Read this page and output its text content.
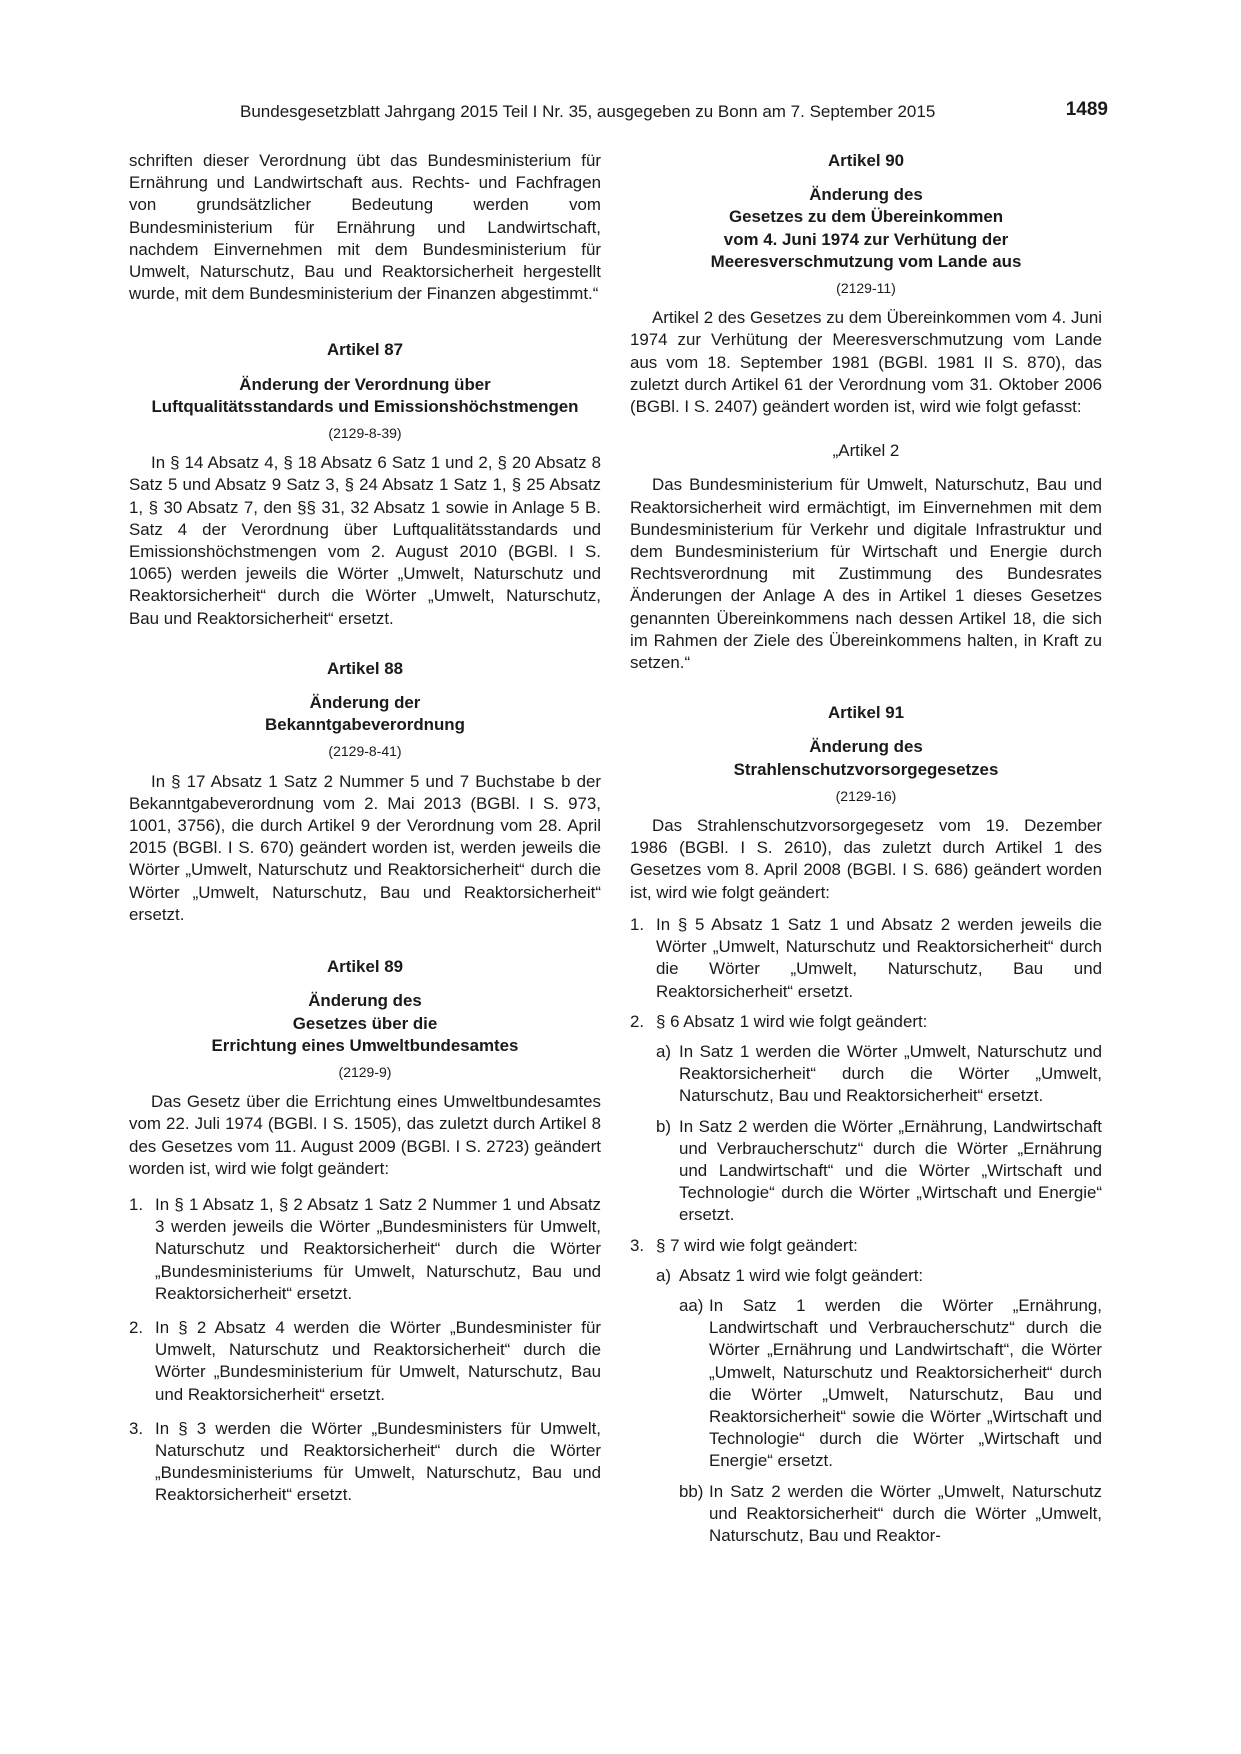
Bundesgesetzblatt Jahrgang 2015 Teil I Nr. 35, ausgegeben zu Bonn am 7. September 2015	1489

schriften dieser Verordnung übt das Bundesministerium für Ernährung und Landwirtschaft aus. Rechts- und Fachfragen von grundsätzlicher Bedeutung werden vom Bundesministerium für Ernährung und Landwirtschaft, nachdem Einvernehmen mit dem Bundesministerium für Umwelt, Naturschutz, Bau und Reaktorsicherheit hergestellt wurde, mit dem Bundesministerium der Finanzen abgestimmt.“

Artikel 87

Änderung der Verordnung über

Luftqualitätsstandards und Emissionshöchstmengen

(2129-8-39)

In § 14 Absatz 4, § 18 Absatz 6 Satz 1 und 2, § 20 Absatz 8 Satz 5 und Absatz 9 Satz 3, § 24 Absatz 1 Satz 1, § 25 Absatz 1, § 30 Absatz 7, den §§ 31, 32 Absatz 1 sowie in Anlage 5 B. Satz 4 der Verordnung über Luftqualitätsstandards und Emissionshöchstmengen vom 2. August 2010 (BGBl. I S. 1065) werden jeweils die Wörter „Umwelt, Naturschutz und Reaktorsicherheit“ durch die Wörter „Umwelt, Naturschutz, Bau und Reaktorsicherheit“ ersetzt.

Artikel 88

Änderung der

Bekanntgabeverordnung

(2129-8-41)

In § 17 Absatz 1 Satz 2 Nummer 5 und 7 Buchstabe b der Bekanntgabeverordnung vom 2. Mai 2013 (BGBl. I S. 973, 1001, 3756), die durch Artikel 9 der Verordnung vom 28. April 2015 (BGBl. I S. 670) geändert worden ist, werden jeweils die Wörter „Umwelt, Naturschutz und Reaktorsicherheit“ durch die Wörter „Umwelt, Naturschutz, Bau und Reaktorsicherheit“ ersetzt.

Artikel 89

Änderung des

Gesetzes über die

Errichtung eines Umweltbundesamtes

(2129-9)

Das Gesetz über die Errichtung eines Umweltbundesamtes vom 22. Juli 1974 (BGBl. I S. 1505), das zuletzt durch Artikel 8 des Gesetzes vom 11. August 2009 (BGBl. I S. 2723) geändert worden ist, wird wie folgt geändert:

1. In § 1 Absatz 1, § 2 Absatz 1 Satz 2 Nummer 1 und Absatz 3 werden jeweils die Wörter „Bundesministers für Umwelt, Naturschutz und Reaktorsicherheit“ durch die Wörter „Bundesministeriums für Umwelt, Naturschutz, Bau und Reaktorsicherheit“ ersetzt.
2. In § 2 Absatz 4 werden die Wörter „Bundesminister für Umwelt, Naturschutz und Reaktorsicherheit“ durch die Wörter „Bundesministerium für Umwelt, Naturschutz, Bau und Reaktorsicherheit“ ersetzt.
3. In § 3 werden die Wörter „Bundesministers für Umwelt, Naturschutz und Reaktorsicherheit“ durch die Wörter „Bundesministeriums für Umwelt, Naturschutz, Bau und Reaktorsicherheit“ ersetzt.

Artikel 90

Änderung des

Gesetzes zu dem Übereinkommen

vom 4. Juni 1974 zur Verhütung der

Meeresverschmutzung vom Lande aus

(2129-11)

Artikel 2 des Gesetzes zu dem Übereinkommen vom 4. Juni 1974 zur Verhütung der Meeresverschmutzung vom Lande aus vom 18. September 1981 (BGBl. 1981 II S. 870), das zuletzt durch Artikel 61 der Verordnung vom 31. Oktober 2006 (BGBl. I S. 2407) geändert worden ist, wird wie folgt gefasst:

„Artikel 2

Das Bundesministerium für Umwelt, Naturschutz, Bau und Reaktorsicherheit wird ermächtigt, im Einvernehmen mit dem Bundesministerium für Verkehr und digitale Infrastruktur und dem Bundesministerium für Wirtschaft und Energie durch Rechtsverordnung mit Zustimmung des Bundesrates Änderungen der Anlage A des in Artikel 1 dieses Gesetzes genannten Übereinkommens nach dessen Artikel 18, die sich im Rahmen der Ziele des Übereinkommens halten, in Kraft zu setzen.“

Artikel 91

Änderung des

Strahlenschutzvorsorgegesetzes

(2129-16)

Das Strahlenschutzvorsorgegesetz vom 19. Dezember 1986 (BGBl. I S. 2610), das zuletzt durch Artikel 1 des Gesetzes vom 8. April 2008 (BGBl. I S. 686) geändert worden ist, wird wie folgt geändert:

1. In § 5 Absatz 1 Satz 1 und Absatz 2 werden jeweils die Wörter „Umwelt, Naturschutz und Reaktorsicherheit“ durch die Wörter „Umwelt, Naturschutz, Bau und Reaktorsicherheit“ ersetzt.
2. § 6 Absatz 1 wird wie folgt geändert:
a) In Satz 1 werden die Wörter „Umwelt, Naturschutz und Reaktorsicherheit“ durch die Wörter „Umwelt, Naturschutz, Bau und Reaktorsicherheit“ ersetzt.
b) In Satz 2 werden die Wörter „Ernährung, Landwirtschaft und Verbraucherschutz“ durch die Wörter „Ernährung und Landwirtschaft“ und die Wörter „Wirtschaft und Technologie“ durch die Wörter „Wirtschaft und Energie“ ersetzt.
3. § 7 wird wie folgt geändert:
a) Absatz 1 wird wie folgt geändert:
aa) In Satz 1 werden die Wörter „Ernährung, Landwirtschaft und Verbraucherschutz“ durch die Wörter „Ernährung und Landwirtschaft“, die Wörter „Umwelt, Naturschutz und Reaktorsicherheit“ durch die Wörter „Umwelt, Naturschutz, Bau und Reaktorsicherheit“ sowie die Wörter „Wirtschaft und Technologie“ durch die Wörter „Wirtschaft und Energie“ ersetzt.
bb) In Satz 2 werden die Wörter „Umwelt, Naturschutz und Reaktorsicherheit“ durch die Wörter „Umwelt, Naturschutz, Bau und Reaktor-
